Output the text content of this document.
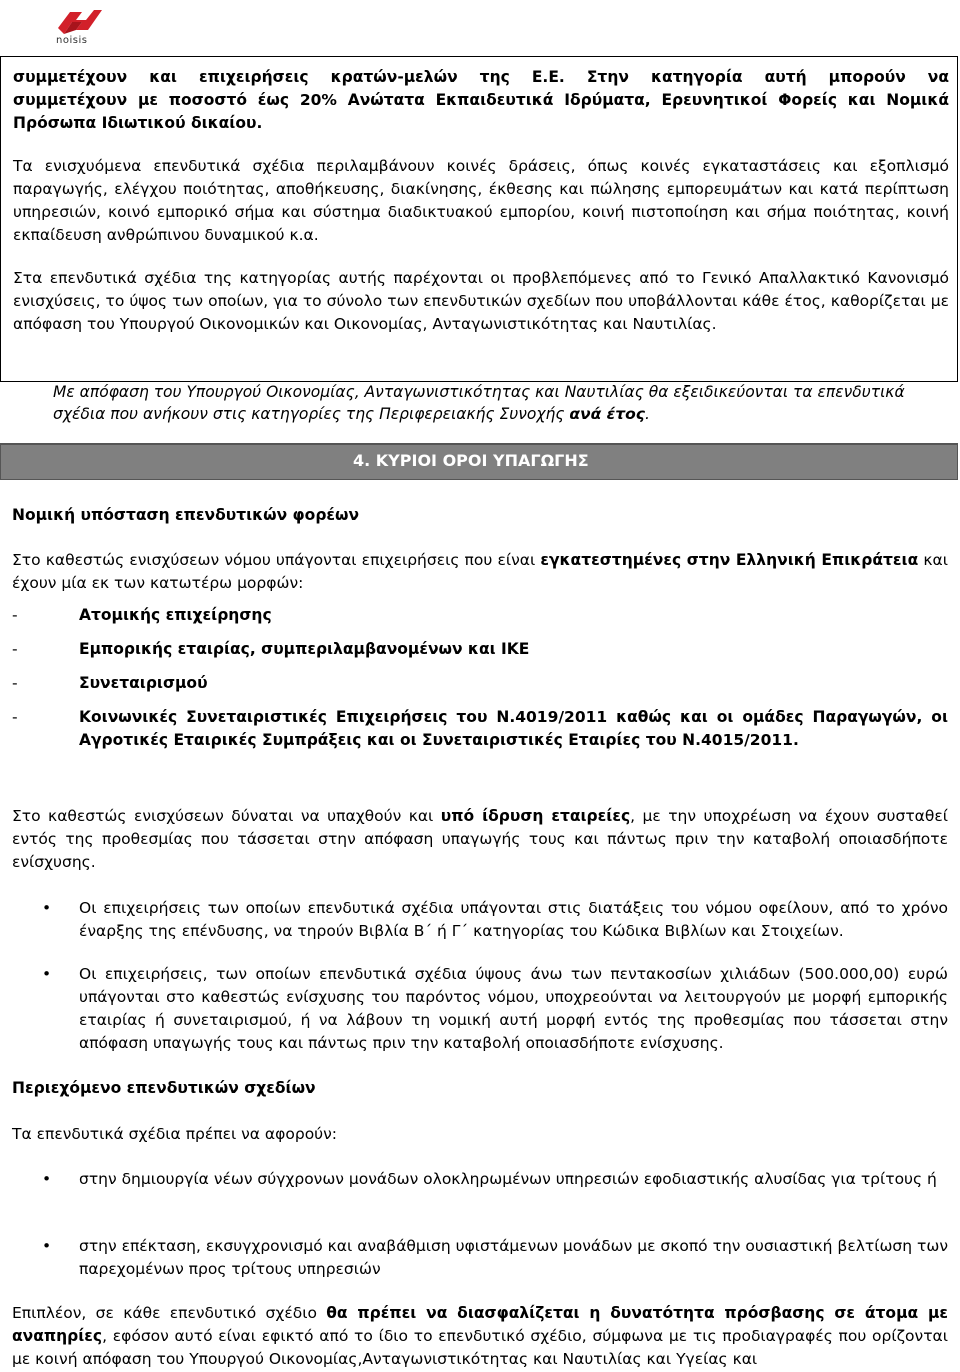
noisis
συμμετέχουν και επιχειρήσεις κρατών-μελών της Ε.Ε. Στην κατηγορία αυτή μπορούν να
συμμετέχουν με ποσοστό έως 20% Ανώτατα Εκπαιδευτικά Ιδρύματα, Ερευνητικοί Φορείς και Νομικά
Πρόσωπα Ιδιωτικού δικαίου.

Τα ενισχυόμενα επενδυτικά σχέδια περιλαμβάνουν κοινές δράσεις, όπως κοινές εγκαταστάσεις και εξοπλισμό παραγωγής, ελέγχου ποιότητας, αποθήκευσης, διακίνησης, έκθεσης και πώλησης εμπορευμάτων και κατά περίπτωση υπηρεσιών, κοινό εμπορικό σήμα και σύστημα διαδικτυακού εμπορίου, κοινή πιστοποίηση και σήμα ποιότητας, κοινή εκπαίδευση ανθρώπινου δυναμικού κ.α.

Στα επενδυτικά σχέδια της κατηγορίας αυτής παρέχονται οι προβλεπόμενες από το Γενικό Απαλλακτικό Κανονισμό ενισχύσεις, το ύψος των οποίων, για το σύνολο των επενδυτικών σχεδίων που υποβάλλονται κάθε έτος, καθορίζεται με απόφαση του Υπουργού Οικονομικών και Οικονομίας, Ανταγωνιστικότητας και Ναυτιλίας.

Με απόφαση του Υπουργού Οικονομίας, Ανταγωνιστικότητας και Ναυτιλίας θα εξειδικεύονται τα επενδυτικά σχέδια που ανήκουν στις κατηγορίες της Περιφερειακής Συνοχής ανά έτος.

4. ΚΥΡΙΟΙ ΟΡΟΙ ΥΠΑΓΩΓΗΣ
Νομική υπόσταση επενδυτικών φορέων

Στο καθεστώς ενισχύσεων νόμου υπάγονται επιχειρήσεις που είναι εγκατεστημένες στην Ελληνική Επικράτεια και έχουν μία εκ των κατωτέρω μορφών:

-	Ατομικής επιχείρησης
-	Εμπορικής εταιρίας, συμπεριλαμβανομένων και ΙΚΕ
-	Συνεταιρισμού
-	Κοινωνικές Συνεταιριστικές Επιχειρήσεις του Ν.4019/2011 καθώς και οι ομάδες Παραγωγών, οι Αγροτικές Εταιρικές Συμπράξεις και οι Συνεταιριστικές Εταιρίες του Ν.4015/2011.

Στο καθεστώς ενισχύσεων δύναται να υπαχθούν και υπό ίδρυση εταιρείες, με την υποχρέωση να έχουν συσταθεί εντός της προθεσμίας που τάσσεται στην απόφαση υπαγωγής τους και πάντως πριν την καταβολή οποιασδήποτε ενίσχυσης.

• Οι επιχειρήσεις των οποίων επενδυτικά σχέδια υπάγονται στις διατάξεις του νόμου οφείλουν, από το χρόνο έναρξης της επένδυσης, να τηρούν Βιβλία Β΄ ή Γ΄ κατηγορίας του Κώδικα Βιβλίων και Στοιχείων.
• Οι επιχειρήσεις, των οποίων επενδυτικά σχέδια ύψους άνω των πεντακοσίων χιλιάδων (500.000,00) ευρώ υπάγονται στο καθεστώς ενίσχυσης του παρόντος νόμου, υποχρεούνται να λειτουργούν με μορφή εμπορικής εταιρίας ή συνεταιρισμού, ή να λάβουν τη νομική αυτή μορφή εντός της προθεσμίας που τάσσεται στην απόφαση υπαγωγής τους και πάντως πριν την καταβολή οποιασδήποτε ενίσχυσης.
Περιεχόμενο επενδυτικών σχεδίων
Τα επενδυτικά σχέδια πρέπει να αφορούν:
• στην δημιουργία νέων σύγχρονων μονάδων ολοκληρωμένων υπηρεσιών εφοδιαστικής αλυσίδας για τρίτους ή
• στην επέκταση, εκσυγχρονισμό και αναβάθμιση υφιστάμενων μονάδων με σκοπό την ουσιαστική βελτίωση των παρεχομένων προς τρίτους υπηρεσιών

Επιπλέον, σε κάθε επενδυτικό σχέδιο θα πρέπει να διασφαλίζεται η δυνατότητα πρόσβασης σε άτομα με αναπηρίες, εφόσον αυτό είναι εφικτό από το ίδιο το επενδυτικό σχέδιο, σύμφωνα με τις προδιαγραφές που ορίζονται με κοινή απόφαση του Υπουργού Οικονομίας,Ανταγωνιστικότητας και Ναυτιλίας και Υγείας και
